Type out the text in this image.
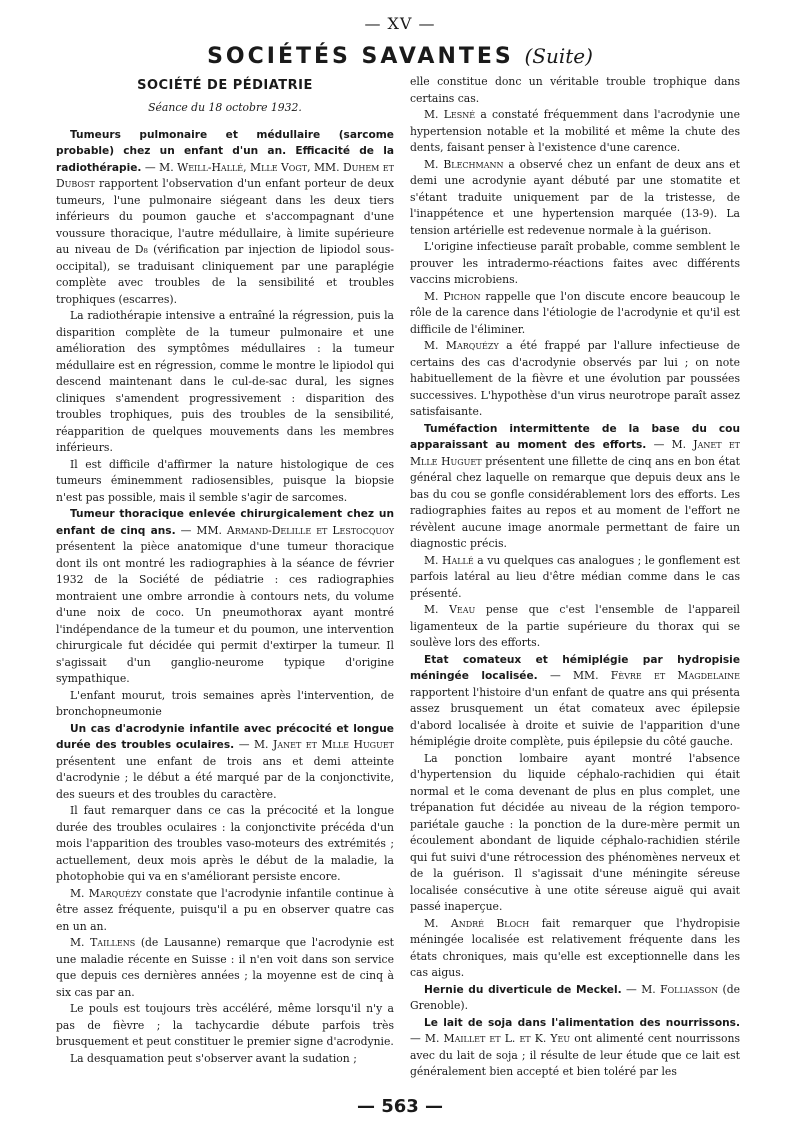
— XV —
SOCIÉTÉS SAVANTES (Suite)
SOCIÉTÉ DE PÉDIATRIE
Séance du 18 octobre 1932.

Tumeurs pulmonaire et médullaire (sarcome probable) chez un enfant d'un an. Efficacité de la radiothérapie. — M. Weill-Hallé, Mlle Vogt, MM. Duhem et Dubost rapportent l'observation d'un enfant porteur de deux tumeurs, l'une pulmonaire siégeant dans les deux tiers inférieurs du poumon gauche et s'accompagnant d'une voussure thoracique, l'autre médullaire, à limite supérieure au niveau de D₈ (vérification par injection de lipiodol sous-occipital), se traduisant cliniquement par une paraplégie complète avec troubles de la sensibilité et troubles trophiques (escarres).

La radiothérapie intensive a entraîné la régression, puis la disparition complète de la tumeur pulmonaire et une amélioration des symptômes médullaires : la tumeur médullaire est en régression, comme le montre le lipiodol qui descend maintenant dans le cul-de-sac dural, les signes cliniques s'amendent progressivement : disparition des troubles trophiques, puis des troubles de la sensibilité, réapparition de quelques mouvements dans les membres inférieurs.

Il est difficile d'affirmer la nature histologique de ces tumeurs éminemment radiosensibles, puisque la biopsie n'est pas possible, mais il semble s'agir de sarcomes.

Tumeur thoracique enlevée chirurgicalement chez un enfant de cinq ans. — MM. Armand-Delille et Lestocquoy présentent la pièce anatomique d'une tumeur thoracique dont ils ont montré les radiographies à la séance de février 1932 de la Société de pédiatrie : ces radiographies montraient une ombre arrondie à contours nets, du volume d'une noix de coco. Un pneumothorax ayant montré l'indépendance de la tumeur et du poumon, une intervention chirurgicale fut décidée qui permit d'extirper la tumeur. Il s'agissait d'un ganglio-neurome typique d'origine sympathique.

L'enfant mourut, trois semaines après l'intervention, de bronchopneumonie

Un cas d'acrodynie infantile avec précocité et longue durée des troubles oculaires. — M. Janet et Mlle Huguet présentent une enfant de trois ans et demi atteinte d'acrodynie ; le début a été marqué par de la conjonctivite, des sueurs et des troubles du caractère.

Il faut remarquer dans ce cas la précocité et la longue durée des troubles oculaires : la conjonctivite précéda d'un mois l'apparition des troubles vaso-moteurs des extrémités ; actuellement, deux mois après le début de la maladie, la photophobie qui va en s'améliorant persiste encore.

M. Marquézy constate que l'acrodynie infantile continue à être assez fréquente, puisqu'il a pu en observer quatre cas en un an.

M. Taillens (de Lausanne) remarque que l'acrodynie est une maladie récente en Suisse : il n'en voit dans son service que depuis ces dernières années ; la moyenne est de cinq à six cas par an.

Le pouls est toujours très accéléré, même lorsqu'il n'y a pas de fièvre ; la tachycardie débute parfois très brusquement et peut constituer le premier signe d'acrodynie.

La desquamation peut s'observer avant la sudation ;

elle constitue donc un véritable trouble trophique dans certains cas.

M. Lesné a constaté fréquemment dans l'acrodynie une hypertension notable et la mobilité et même la chute des dents, faisant penser à l'existence d'une carence.

M. Blechmann a observé chez un enfant de deux ans et demi une acrodynie ayant débuté par une stomatite et s'étant traduite uniquement par de la tristesse, de l'inappétence et une hypertension marquée (13-9). La tension artérielle est redevenue normale à la guérison.

L'origine infectieuse paraît probable, comme semblent le prouver les intradermo-réactions faites avec différents vaccins microbiens.

M. Pichon rappelle que l'on discute encore beaucoup le rôle de la carence dans l'étiologie de l'acrodynie et qu'il est difficile de l'éliminer.

M. Marquézy a été frappé par l'allure infectieuse de certains des cas d'acrodynie observés par lui ; on note habituellement de la fièvre et une évolution par poussées successives. L'hypothèse d'un virus neurotrope paraît assez satisfaisante.

Tuméfaction intermittente de la base du cou apparaissant au moment des efforts. — M. Janet et Mlle Huguet présentent une fillette de cinq ans en bon état général chez laquelle on remarque que depuis deux ans le bas du cou se gonfle considérablement lors des efforts. Les radiographies faites au repos et au moment de l'effort ne révèlent aucune image anormale permettant de faire un diagnostic précis.

M. Hallé a vu quelques cas analogues ; le gonflement est parfois latéral au lieu d'être médian comme dans le cas présenté.

M. Veau pense que c'est l'ensemble de l'appareil ligamenteux de la partie supérieure du thorax qui se soulève lors des efforts.

Etat comateux et hémiplégie par hydropisie méningée localisée. — MM. Fèvre et Magdelaine rapportent l'histoire d'un enfant de quatre ans qui présenta assez brusquement un état comateux avec épilepsie d'abord localisée à droite et suivie de l'apparition d'une hémiplégie droite complète, puis épilepsie du côté gauche.

La ponction lombaire ayant montré l'absence d'hypertension du liquide céphalo-rachidien qui était normal et le coma devenant de plus en plus complet, une trépanation fut décidée au niveau de la région temporo-pariétale gauche : la ponction de la dure-mère permit un écoulement abondant de liquide céphalo-rachidien stérile qui fut suivi d'une rétrocession des phénomènes nerveux et de la guérison. Il s'agissait d'une méningite séreuse localisée consécutive à une otite séreuse aiguë qui avait passé inaperçue.

M. André Bloch fait remarquer que l'hydropisie méningée localisée est relativement fréquente dans les états chroniques, mais qu'elle est exceptionnelle dans les cas aigus.

Hernie du diverticule de Meckel. — M. Folliasson (de Grenoble).

Le lait de soja dans l'alimentation des nourrissons. — M. Maillet et L. et K. Yeu ont alimenté cent nourrissons avec du lait de soja ; il résulte de leur étude que ce lait est généralement bien accepté et bien toléré par les

— 563 —
